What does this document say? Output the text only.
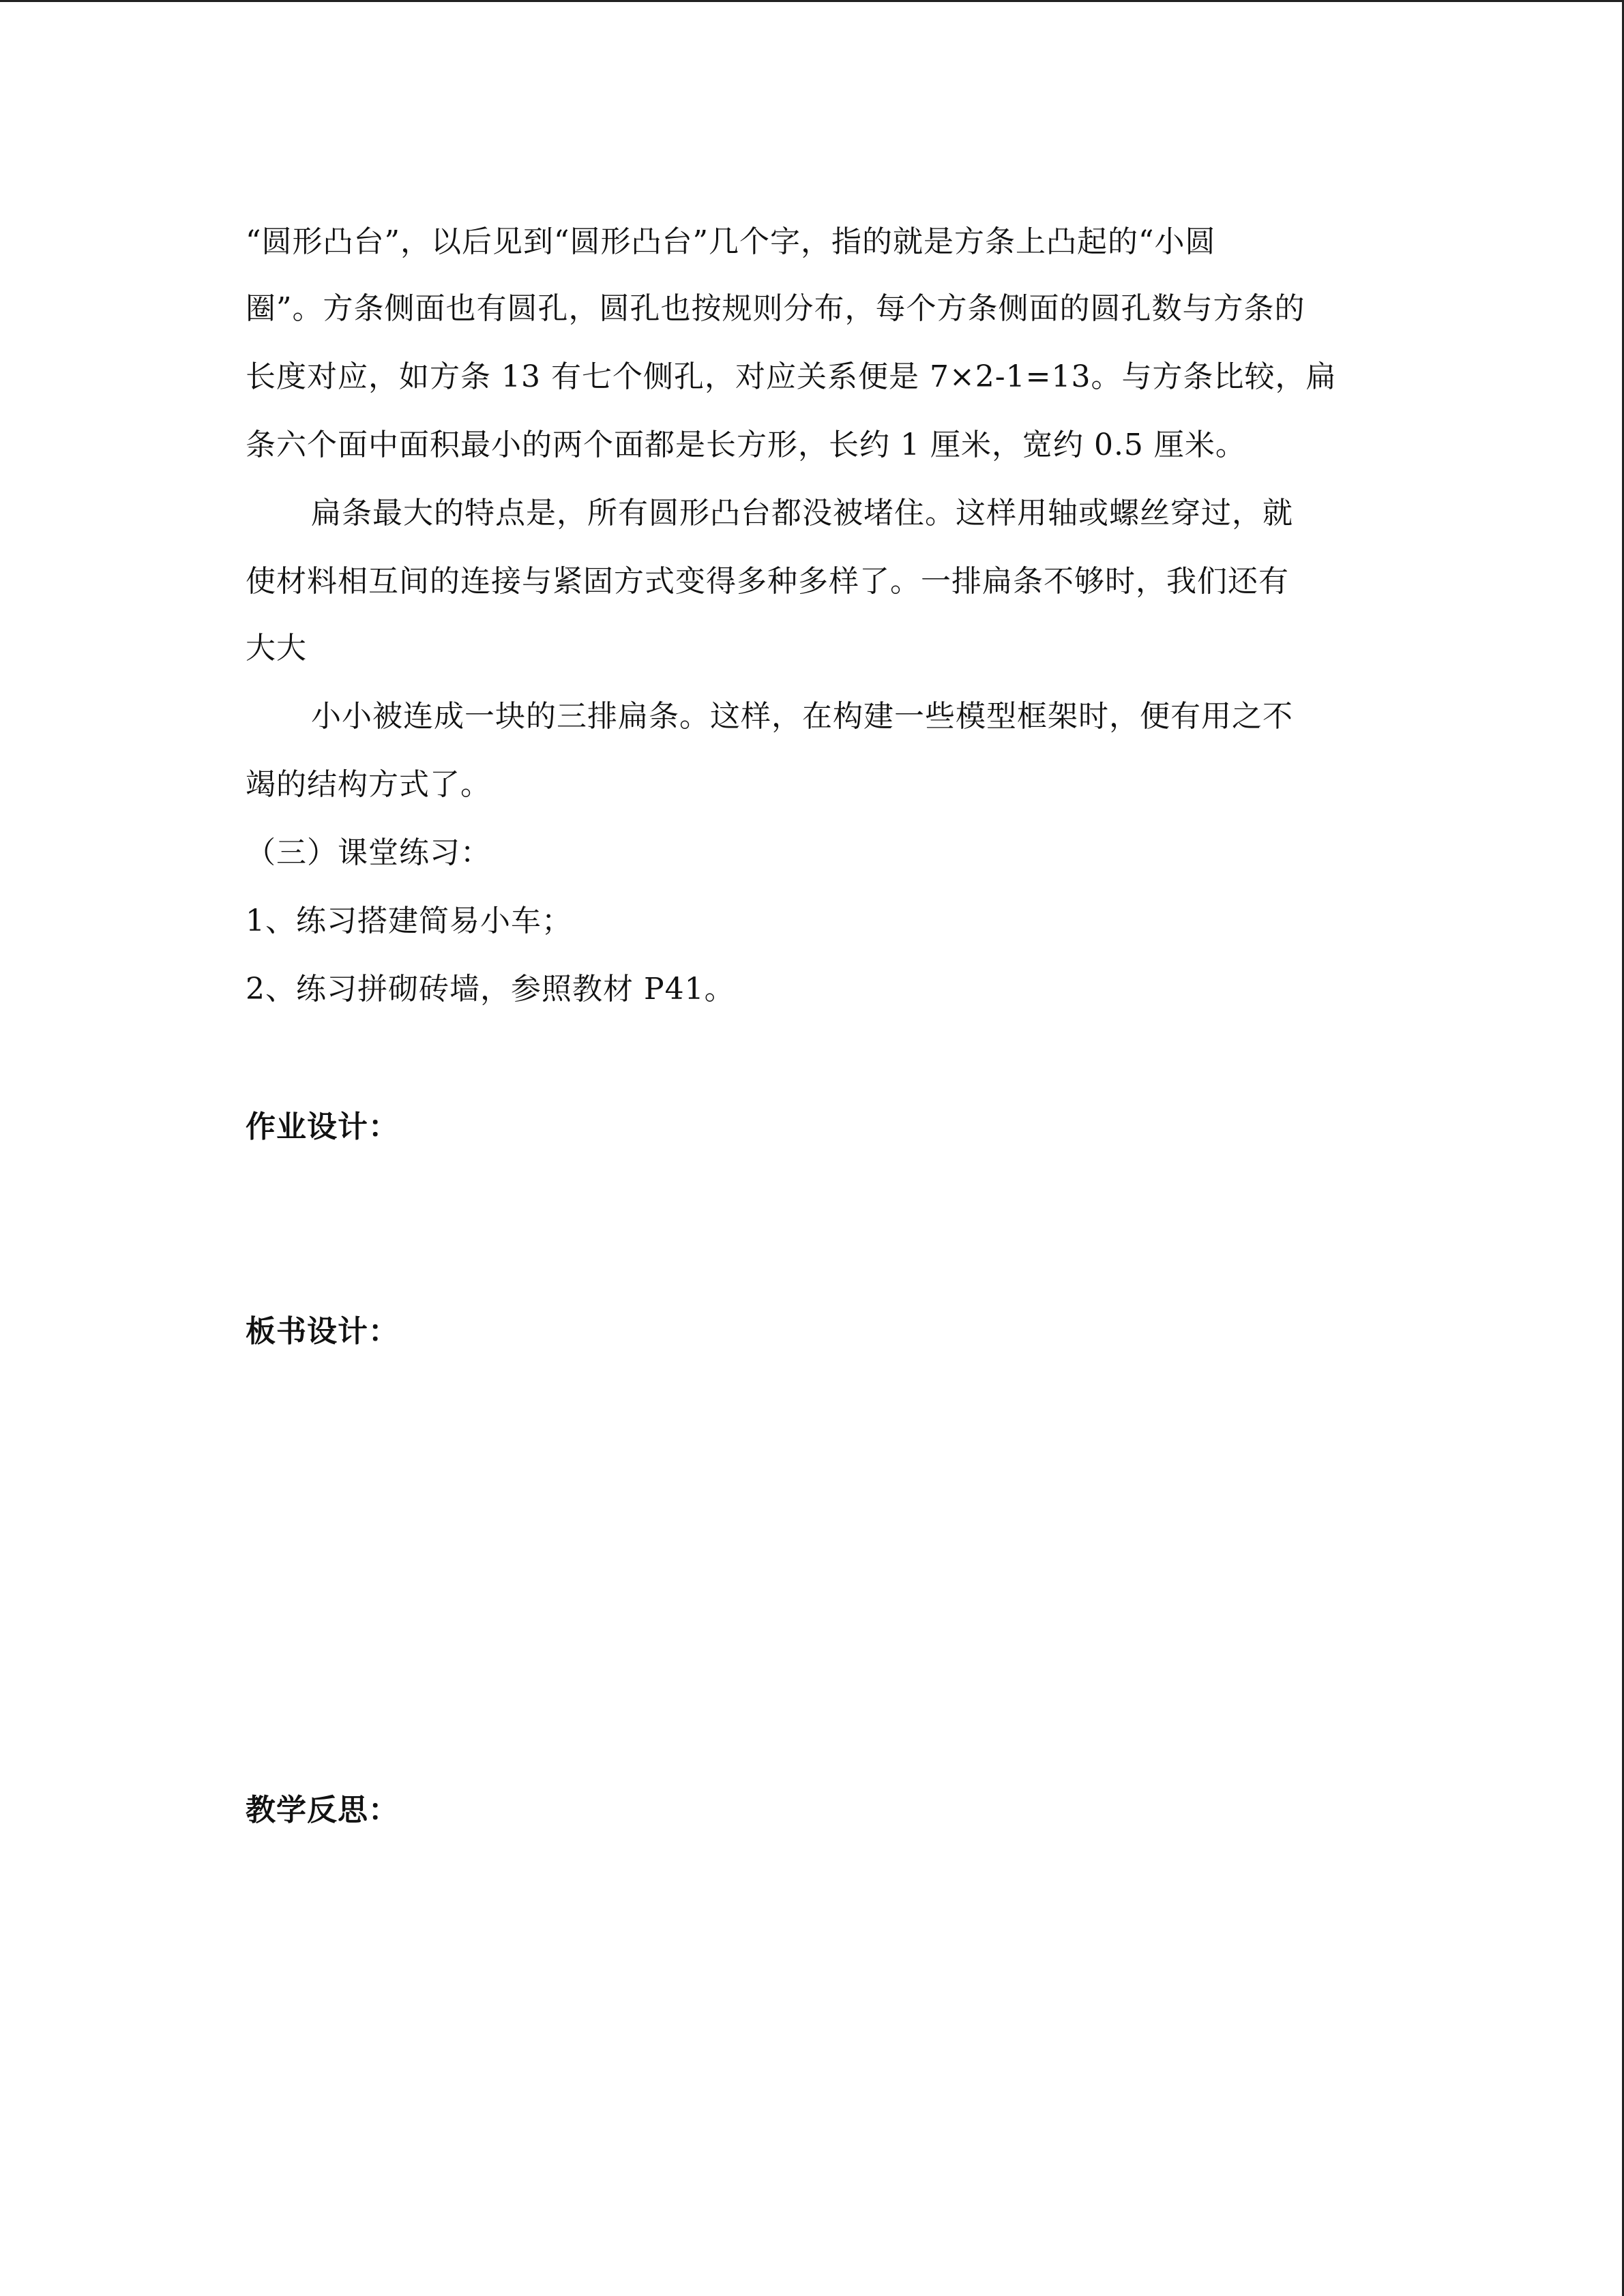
“圆形凸台”，以后见到“圆形凸台”几个字，指的就是方条上凸起的“小圆
圈”。方条侧面也有圆孔，圆孔也按规则分布，每个方条侧面的圆孔数与方条的
长度对应，如方条 13 有七个侧孔，对应关系便是 7×2-1=13。与方条比较，扁
条六个面中面积最小的两个面都是长方形，长约 1 厘米，宽约 0.5 厘米。
扁条最大的特点是，所有圆形凸台都没被堵住。这样用轴或螺丝穿过，就
使材料相互间的连接与紧固方式变得多种多样了。一排扁条不够时，我们还有
大大
小小被连成一块的三排扁条。这样，在构建一些模型框架时，便有用之不
竭的结构方式了。
（三）课堂练习：
1、练习搭建简易小车；
2、练习拼砌砖墙，参照教材 P41。
作业设计：
板书设计：
教学反思：
